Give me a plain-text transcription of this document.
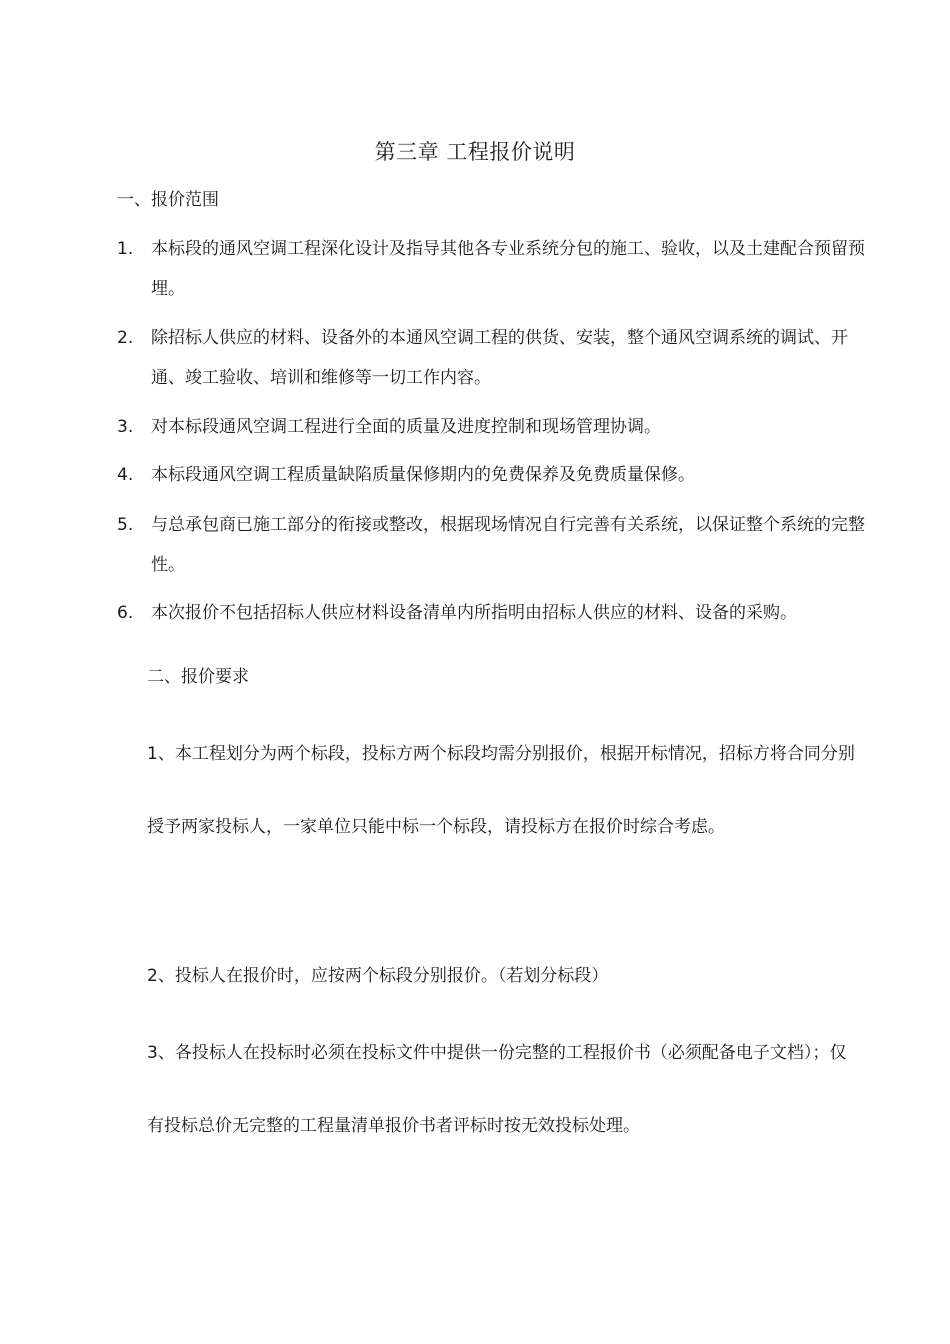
第三章 工程报价说明
一、报价范围
1.	本标段的通风空调工程深化设计及指导其他各专业系统分包的施工、验收，以及土建配合预留预埋。
2.	除招标人供应的材料、设备外的本通风空调工程的供货、安装，整个通风空调系统的调试、开通、竣工验收、培训和维修等一切工作内容。
3.	对本标段通风空调工程进行全面的质量及进度控制和现场管理协调。
4.	本标段通风空调工程质量缺陷质量保修期内的免费保养及免费质量保修。
5.	与总承包商已施工部分的衔接或整改，根据现场情况自行完善有关系统，以保证整个系统的完整性。
6.	本次报价不包括招标人供应材料设备清单内所指明由招标人供应的材料、设备的采购。
二、报价要求
1、本工程划分为两个标段，投标方两个标段均需分别报价，根据开标情况，招标方将合同分别授予两家投标人，一家单位只能中标一个标段，请投标方在报价时综合考虑。
2、投标人在报价时，应按两个标段分别报价。（若划分标段）
3、各投标人在投标时必须在投标文件中提供一份完整的工程报价书（必须配备电子文档）；仅有投标总价无完整的工程量清单报价书者评标时按无效投标处理。
